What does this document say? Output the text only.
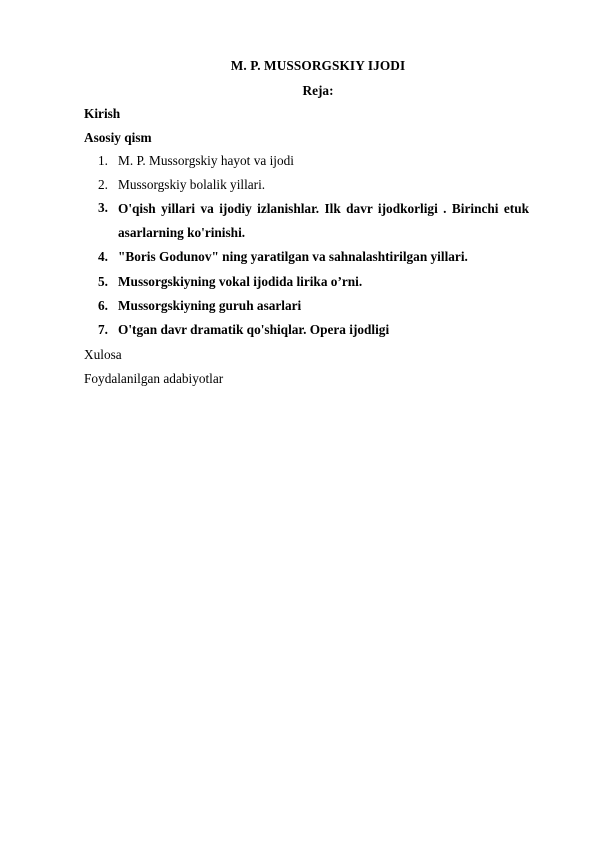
M. P. MUSSORGSKIY IJODI
Reja:
Kirish
Asosiy qism
1. M. P. Mussorgskiy hayot va ijodi
2. Mussorgskiy bolalik yillari.
3. O'qish yillari va ijodiy izlanishlar. Ilk davr ijodkorligi . Birinchi etuk asarlarning ko'rinishi.
4. "Boris Godunov" ning yaratilgan va sahnalashtirilgan yillari.
5. Mussorgskiyning vokal ijodida lirika o’rni.
6. Mussorgskiyning guruh asarlari
7. O'tgan davr dramatik qo'shiqlar. Opera ijodligi
Xulosa
Foydalanilgan adabiyotlar
